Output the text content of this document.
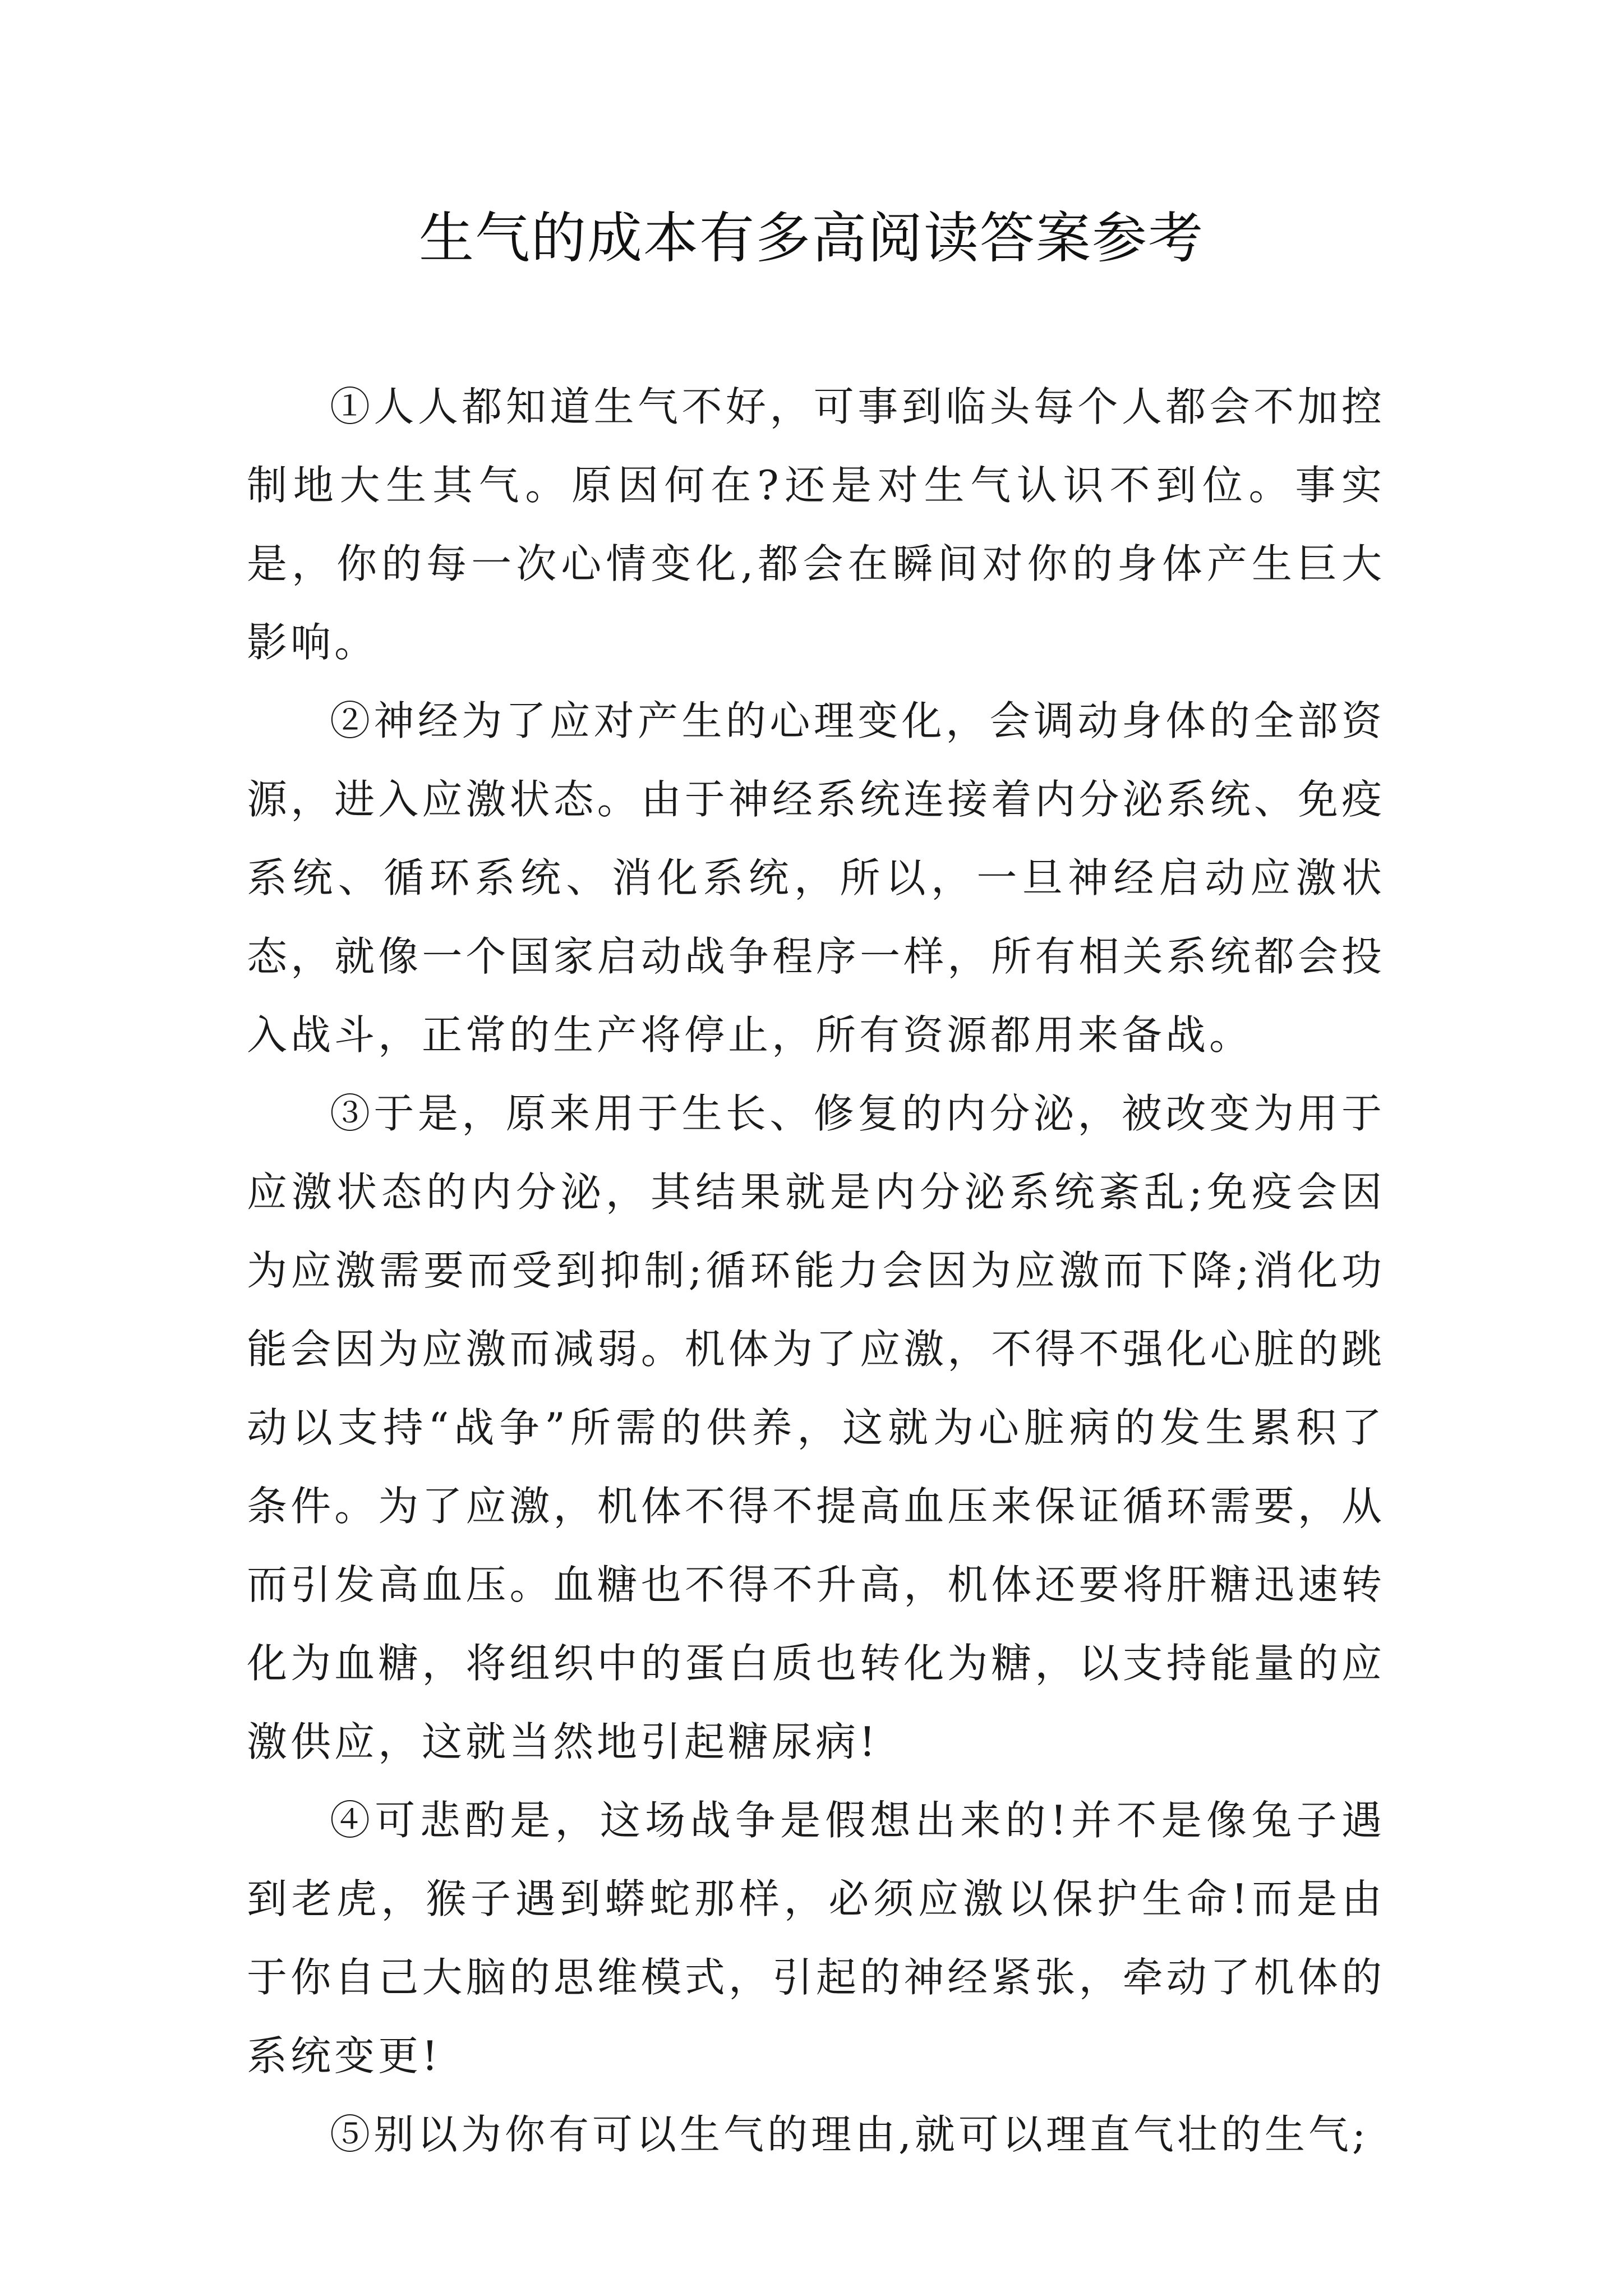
生气的成本有多高阅读答案参考

①人人都知道生气不好，可事到临头每个人都会不加控制地大生其气。原因何在?还是对生气认识不到位。事实是，你的每一次心情变化,都会在瞬间对你的身体产生巨大影响。

②神经为了应对产生的心理变化，会调动身体的全部资源，进入应激状态。由于神经系统连接着内分泌系统、免疫系统、循环系统、消化系统，所以，一旦神经启动应激状态，就像一个国家启动战争程序一样，所有相关系统都会投入战斗，正常的生产将停止，所有资源都用来备战。

③于是，原来用于生长、修复的内分泌，被改变为用于应激状态的内分泌，其结果就是内分泌系统紊乱;免疫会因为应激需要而受到抑制;循环能力会因为应激而下降;消化功能会因为应激而减弱。机体为了应激，不得不强化心脏的跳动以支持“战争”所需的供养，这就为心脏病的发生累积了条件。为了应激，机体不得不提高血压来保证循环需要，从而引发高血压。血糖也不得不升高，机体还要将肝糖迅速转化为血糖，将组织中的蛋白质也转化为糖，以支持能量的应激供应，这就当然地引起糖尿病!

④可悲酌是，这场战争是假想出来的!并不是像兔子遇到老虎，猴子遇到蟒蛇那样，必须应激以保护生命!而是由于你自己大脑的思维模式，引起的神经紧张，牵动了机体的系统变更!

⑤别以为你有可以生气的理由,就可以理直气壮的生气;
